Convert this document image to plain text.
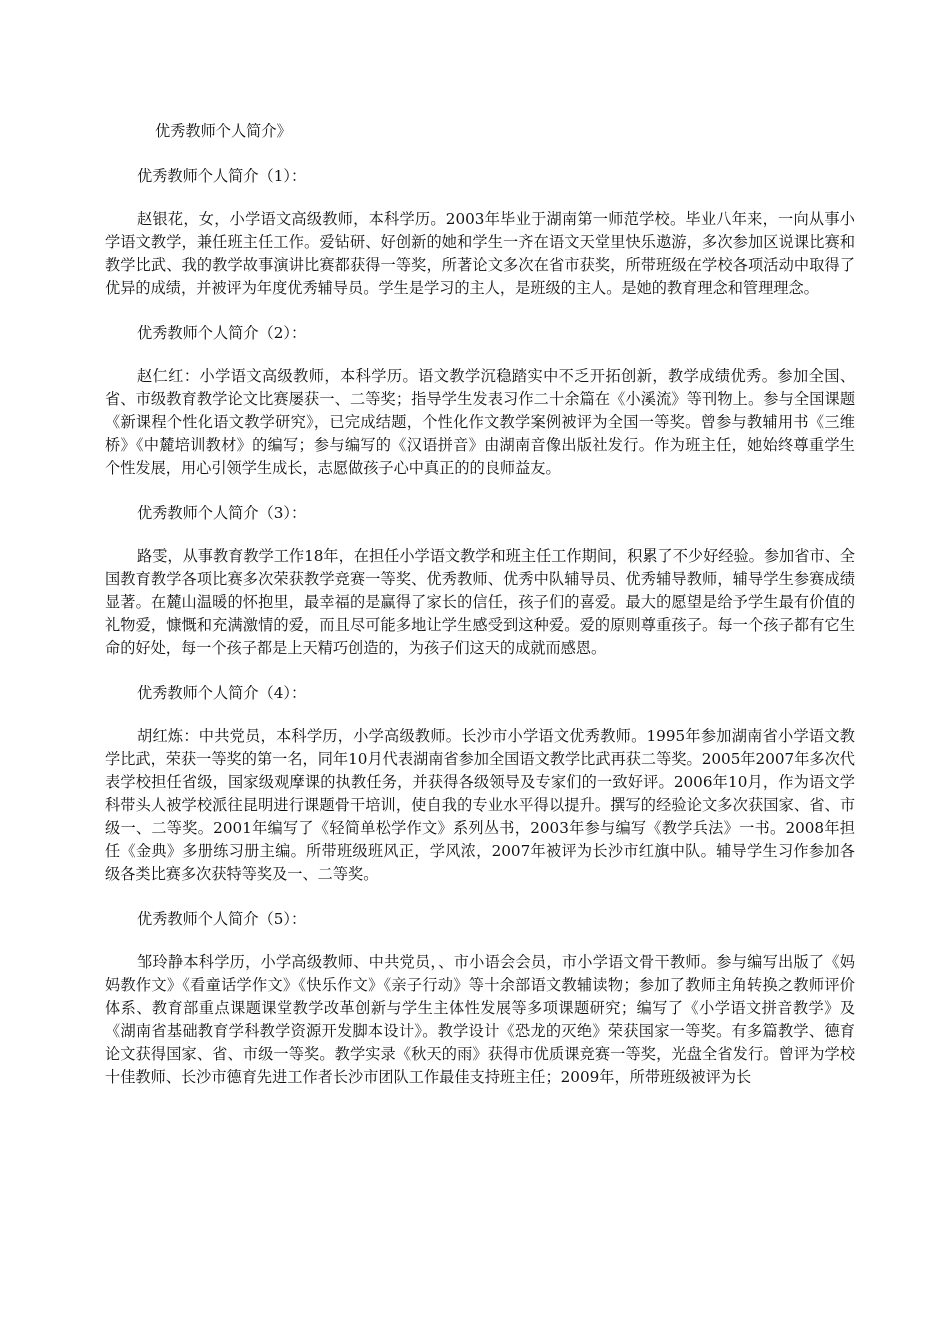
优秀教师个人简介》

优秀教师个人简介（1）：

赵银花，女，小学语文高级教师，本科学历。2003年毕业于湖南第一师范学校。毕业八年来，一向从事小学语文教学，兼任班主任工作。爱钻研、好创新的她和学生一齐在语文天堂里快乐遨游，多次参加区说课比赛和教学比武、我的教学故事演讲比赛都获得一等奖，所著论文多次在省市获奖，所带班级在学校各项活动中取得了优异的成绩，并被评为年度优秀辅导员。学生是学习的主人，是班级的主人。是她的教育理念和管理理念。

优秀教师个人简介（2）：

赵仁红：小学语文高级教师，本科学历。语文教学沉稳踏实中不乏开拓创新，教学成绩优秀。参加全国、省、市级教育教学论文比赛屡获一、二等奖；指导学生发表习作二十余篇在《小溪流》等刊物上。参与全国课题《新课程个性化语文教学研究》，已完成结题，个性化作文教学案例被评为全国一等奖。曾参与教辅用书《三维桥》《中麓培训教材》的编写；参与编写的《汉语拼音》由湖南音像出版社发行。作为班主任，她始终尊重学生个性发展，用心引领学生成长，志愿做孩子心中真正的的良师益友。

优秀教师个人简介（3）：

路雯，从事教育教学工作18年，在担任小学语文教学和班主任工作期间，积累了不少好经验。参加省市、全国教育教学各项比赛多次荣获教学竞赛一等奖、优秀教师、优秀中队辅导员、优秀辅导教师，辅导学生参赛成绩显著。在麓山温暖的怀抱里，最幸福的是赢得了家长的信任，孩子们的喜爱。最大的愿望是给予学生最有价值的礼物爱，慷慨和充满激情的爱，而且尽可能多地让学生感受到这种爱。爱的原则尊重孩子。每一个孩子都有它生命的好处，每一个孩子都是上天精巧创造的，为孩子们这天的成就而感恩。

优秀教师个人简介（4）：

胡红炼：中共党员，本科学历，小学高级教师。长沙市小学语文优秀教师。1995年参加湖南省小学语文教学比武，荣获一等奖的第一名，同年10月代表湖南省参加全国语文教学比武再获二等奖。2005年2007年多次代表学校担任省级，国家级观摩课的执教任务，并获得各级领导及专家们的一致好评。2006年10月，作为语文学科带头人被学校派往昆明进行课题骨干培训，使自我的专业水平得以提升。撰写的经验论文多次获国家、省、市级一、二等奖。2001年编写了《轻简单松学作文》系列丛书，2003年参与编写《教学兵法》一书。2008年担任《金典》多册练习册主编。所带班级班风正，学风浓，2007年被评为长沙市红旗中队。辅导学生习作参加各级各类比赛多次获特等奖及一、二等奖。

优秀教师个人简介（5）：

邹玲静本科学历，小学高级教师、中共党员，、市小语会会员，市小学语文骨干教师。参与编写出版了《妈妈教作文》《看童话学作文》《快乐作文》《亲子行动》等十余部语文教辅读物；参加了教师主角转换之教师评价体系、教育部重点课题课堂教学改革创新与学生主体性发展等多项课题研究；编写了《小学语文拼音教学》及《湖南省基础教育学科教学资源开发脚本设计》。教学设计《恐龙的灭绝》荣获国家一等奖。有多篇教学、德育论文获得国家、省、市级一等奖。教学实录《秋天的雨》获得市优质课竞赛一等奖，光盘全省发行。曾评为学校十佳教师、长沙市德育先进工作者长沙市团队工作最佳支持班主任；2009年，所带班级被评为长
